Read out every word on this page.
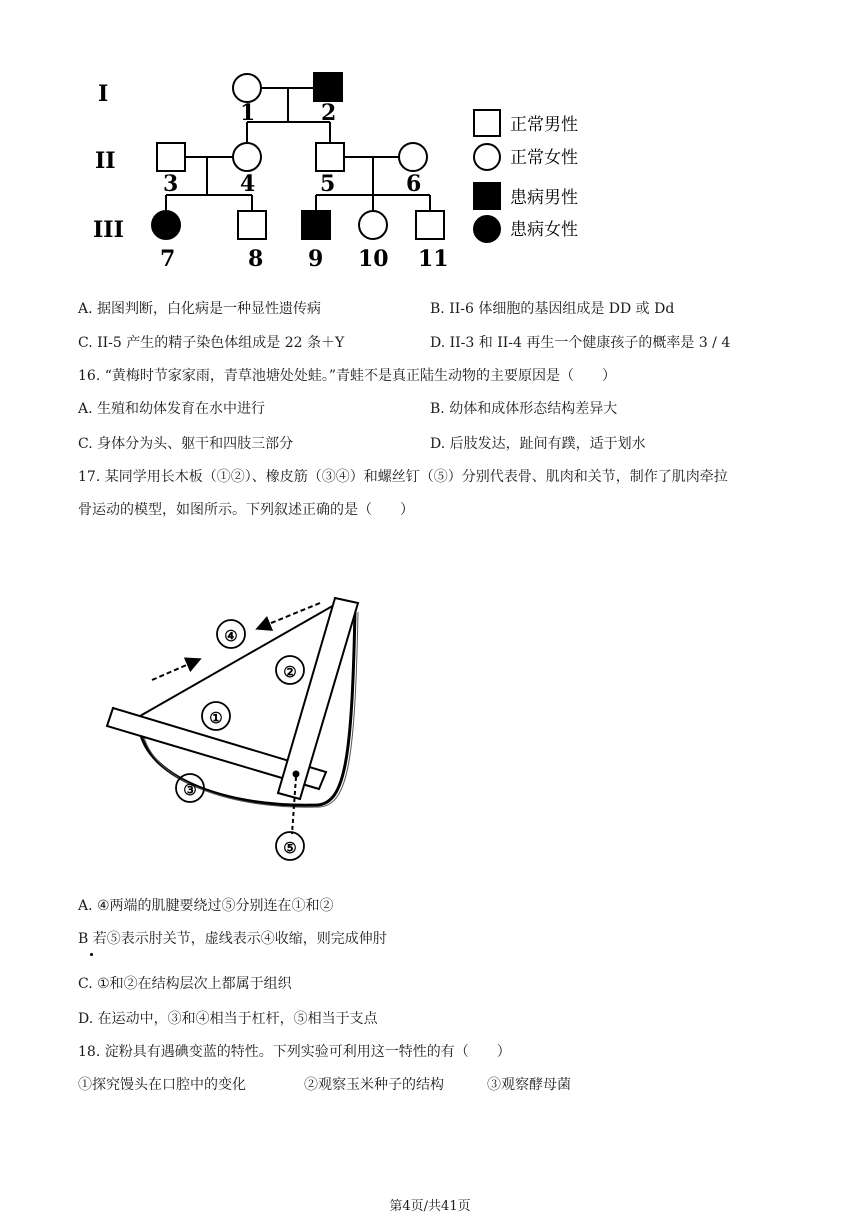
I
II
III
1	2
3	4	5	6
7	8 9 10 11
正常男性
正常女性
患病男性
患病女性
A. 据图判断，白化病是一种显性遗传病	B. II-6 体细胞的基因组成是 DD 或 Dd
C. II-5 产生的精子染色体组成是 22 条＋Y	D. II-3 和 II-4 再生一个健康孩子的概率是 3 / 4
16. “黄梅时节家家雨，青草池塘处处蛙。”青蛙不是真正陆生动物的主要原因是（　　）
A. 生殖和幼体发育在水中进行	B. 幼体和成体形态结构差异大
C. 身体分为头、躯干和四肢三部分	D. 后肢发达，趾间有蹼，适于划水
17. 某同学用长木板（①②）、橡皮筋（③④）和螺丝钉（⑤）分别代表骨、肌肉和关节，制作了肌肉牵拉
骨运动的模型，如图所示。下列叙述正确的是（　　）
①
②
③
④
⑤
A. ④两端的肌腱要绕过⑤分别连在①和②
B 若⑤表示肘关节，虚线表示④收缩，则完成伸肘
C. ①和②在结构层次上都属于组织
D. 在运动中，③和④相当于杠杆，⑤相当于支点
18. 淀粉具有遇碘变蓝的特性。下列实验可利用这一特性的有（　　）
①探究馒头在口腔中的变化	②观察玉米种子的结构	③观察酵母菌
第4页/共41页
